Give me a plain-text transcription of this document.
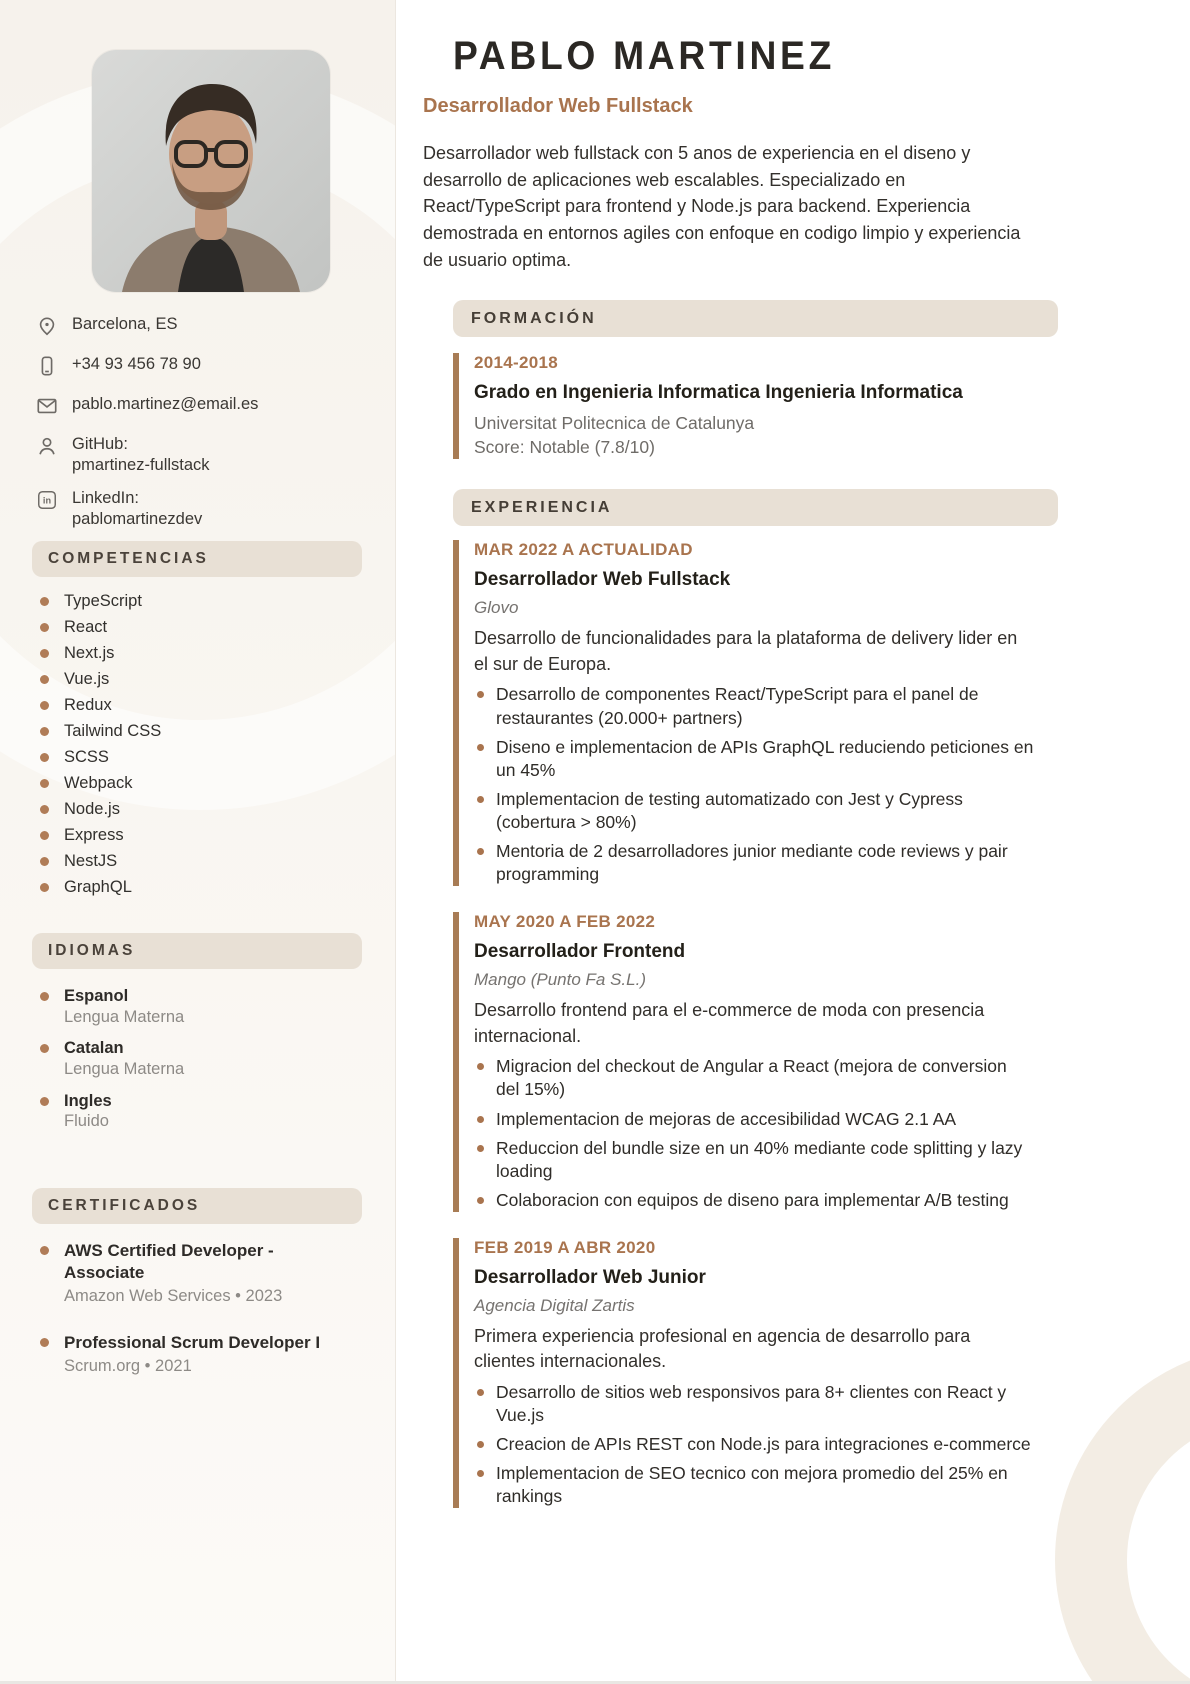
Barcelona, ES
+34 93 456 78 90
pablo.martinez@email.es
GitHub:
pmartinez-fullstack
in LinkedIn:
pablomartinezdev
COMPETENCIAS
TypeScript
React
Next.js
Vue.js
Redux
Tailwind CSS
SCSS
Webpack
Node.js
Express
NestJS
GraphQL
IDIOMAS
Espanol
Lengua Materna
Catalan
Lengua Materna
Ingles
Fluido
CERTIFICADOS
AWS Certified Developer - Associate
Amazon Web Services • 2023
Professional Scrum Developer I
Scrum.org • 2021
PABLO MARTINEZ
Desarrollador Web Fullstack

Desarrollador web fullstack con 5 anos de experiencia en el diseno y desarrollo de aplicaciones web escalables. Especializado en React/TypeScript para frontend y Node.js para backend. Experiencia demostrada en entornos agiles con enfoque en codigo limpio y experiencia de usuario optima.

FORMACIÓN
2014-2018
Grado en Ingenieria Informatica Ingenieria Informatica
Universitat Politecnica de Catalunya
Score: Notable (7.8/10)
EXPERIENCIA
MAR 2022 A ACTUALIDAD
Desarrollador Web Fullstack
Glovo
Desarrollo de funcionalidades para la plataforma de delivery lider en el sur de Europa.
Desarrollo de componentes React/TypeScript para el panel de restaurantes (20.000+ partners)
Diseno e implementacion de APIs GraphQL reduciendo peticiones en un 45%
Implementacion de testing automatizado con Jest y Cypress (cobertura > 80%)
Mentoria de 2 desarrolladores junior mediante code reviews y pair programming
MAY 2020 A FEB 2022
Desarrollador Frontend
Mango (Punto Fa S.L.)
Desarrollo frontend para el e-commerce de moda con presencia internacional.
Migracion del checkout de Angular a React (mejora de conversion del 15%)
Implementacion de mejoras de accesibilidad WCAG 2.1 AA
Reduccion del bundle size en un 40% mediante code splitting y lazy loading
Colaboracion con equipos de diseno para implementar A/B testing
FEB 2019 A ABR 2020
Desarrollador Web Junior
Agencia Digital Zartis
Primera experiencia profesional en agencia de desarrollo para clientes internacionales.
Desarrollo de sitios web responsivos para 8+ clientes con React y Vue.js
Creacion de APIs REST con Node.js para integraciones e-commerce
Implementacion de SEO tecnico con mejora promedio del 25% en rankings
